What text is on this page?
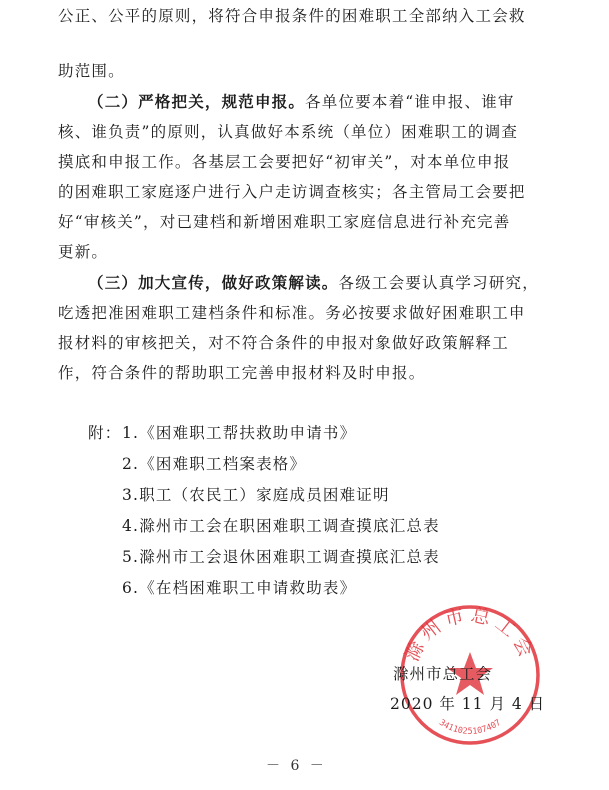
公正、公平的原则，将符合申报条件的困难职工全部纳入工会救
助范围。
（二）严格把关，规范申报。各单位要本着“谁申报、谁审
核、谁负责”的原则，认真做好本系统（单位）困难职工的调查
摸底和申报工作。各基层工会要把好“初审关”，对本单位申报
的困难职工家庭逐户进行入户走访调查核实；各主管局工会要把
好“审核关”，对已建档和新增困难职工家庭信息进行补充完善
更新。
（三）加大宣传，做好政策解读。各级工会要认真学习研究，
吃透把准困难职工建档条件和标准。务必按要求做好困难职工申
报材料的审核把关，对不符合条件的申报对象做好政策解释工
作，符合条件的帮助职工完善申报材料及时申报。
附： 1.《困难职工帮扶救助申请书》
2.《困难职工档案表格》
3.职工（农民工）家庭成员困难证明
4.滁州市工会在职困难职工调查摸底汇总表
5.滁州市工会退休困难职工调查摸底汇总表
6.《在档困难职工申请救助表》
滁州市总工会
3411025107407
滁州市总工会
2020 年 11 月 4 日
－ 6 －
